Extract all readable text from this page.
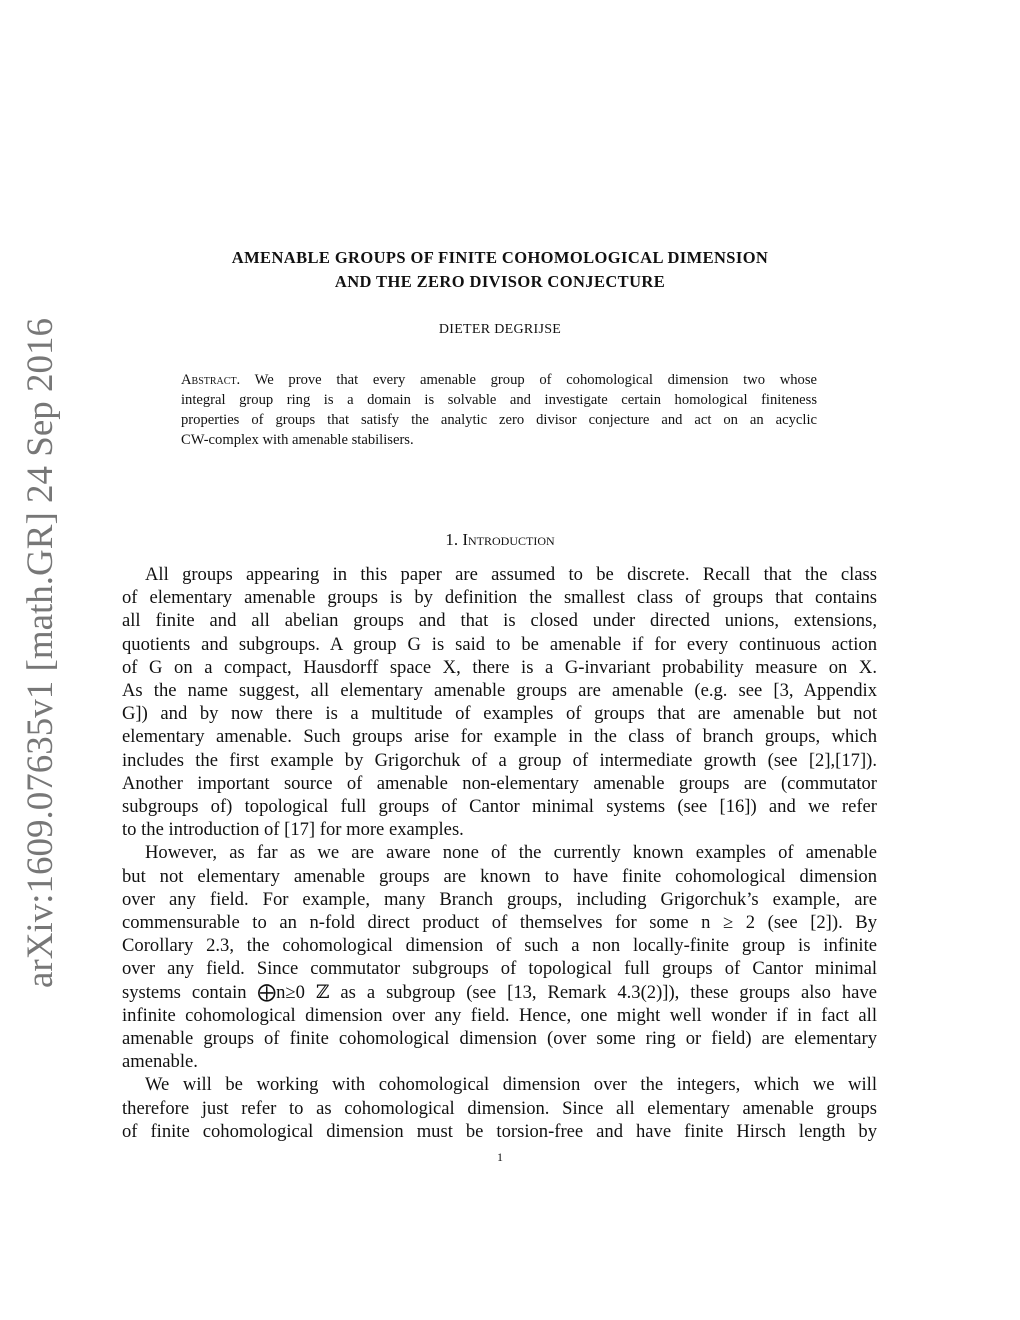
arXiv:1609.07635v1 [math.GR] 24 Sep 2016
AMENABLE GROUPS OF FINITE COHOMOLOGICAL DIMENSION
AND THE ZERO DIVISOR CONJECTURE
DIETER DEGRIJSE
Abstract. We prove that every amenable group of cohomological dimension two whose
integral group ring is a domain is solvable and investigate certain homological finiteness
properties of groups that satisfy the analytic zero divisor conjecture and act on an acyclic
CW-complex with amenable stabilisers.
1. Introduction
All groups appearing in this paper are assumed to be discrete. Recall that the class
of elementary amenable groups is by definition the smallest class of groups that contains
all finite and all abelian groups and that is closed under directed unions, extensions,
quotients and subgroups. A group G is said to be amenable if for every continuous action
of G on a compact, Hausdorff space X, there is a G-invariant probability measure on X.
As the name suggest, all elementary amenable groups are amenable (e.g. see [3, Appendix
G]) and by now there is a multitude of examples of groups that are amenable but not
elementary amenable. Such groups arise for example in the class of branch groups, which
includes the first example by Grigorchuk of a group of intermediate growth (see [2],[17]).
Another important source of amenable non-elementary amenable groups are (commutator
subgroups of) topological full groups of Cantor minimal systems (see [16]) and we refer
to the introduction of [17] for more examples.
However, as far as we are aware none of the currently known examples of amenable
but not elementary amenable groups are known to have finite cohomological dimension
over any field. For example, many Branch groups, including Grigorchuk’s example, are
commensurable to an n-fold direct product of themselves for some n ≥ 2 (see [2]). By
Corollary 2.3, the cohomological dimension of such a non locally-finite group is infinite
over any field. Since commutator subgroups of topological full groups of Cantor minimal
systems contain ⨁n≥0 ℤ as a subgroup (see [13, Remark 4.3(2)]), these groups also have
infinite cohomological dimension over any field. Hence, one might well wonder if in fact all
amenable groups of finite cohomological dimension (over some ring or field) are elementary
amenable.
We will be working with cohomological dimension over the integers, which we will
therefore just refer to as cohomological dimension. Since all elementary amenable groups
of finite cohomological dimension must be torsion-free and have finite Hirsch length by
1
